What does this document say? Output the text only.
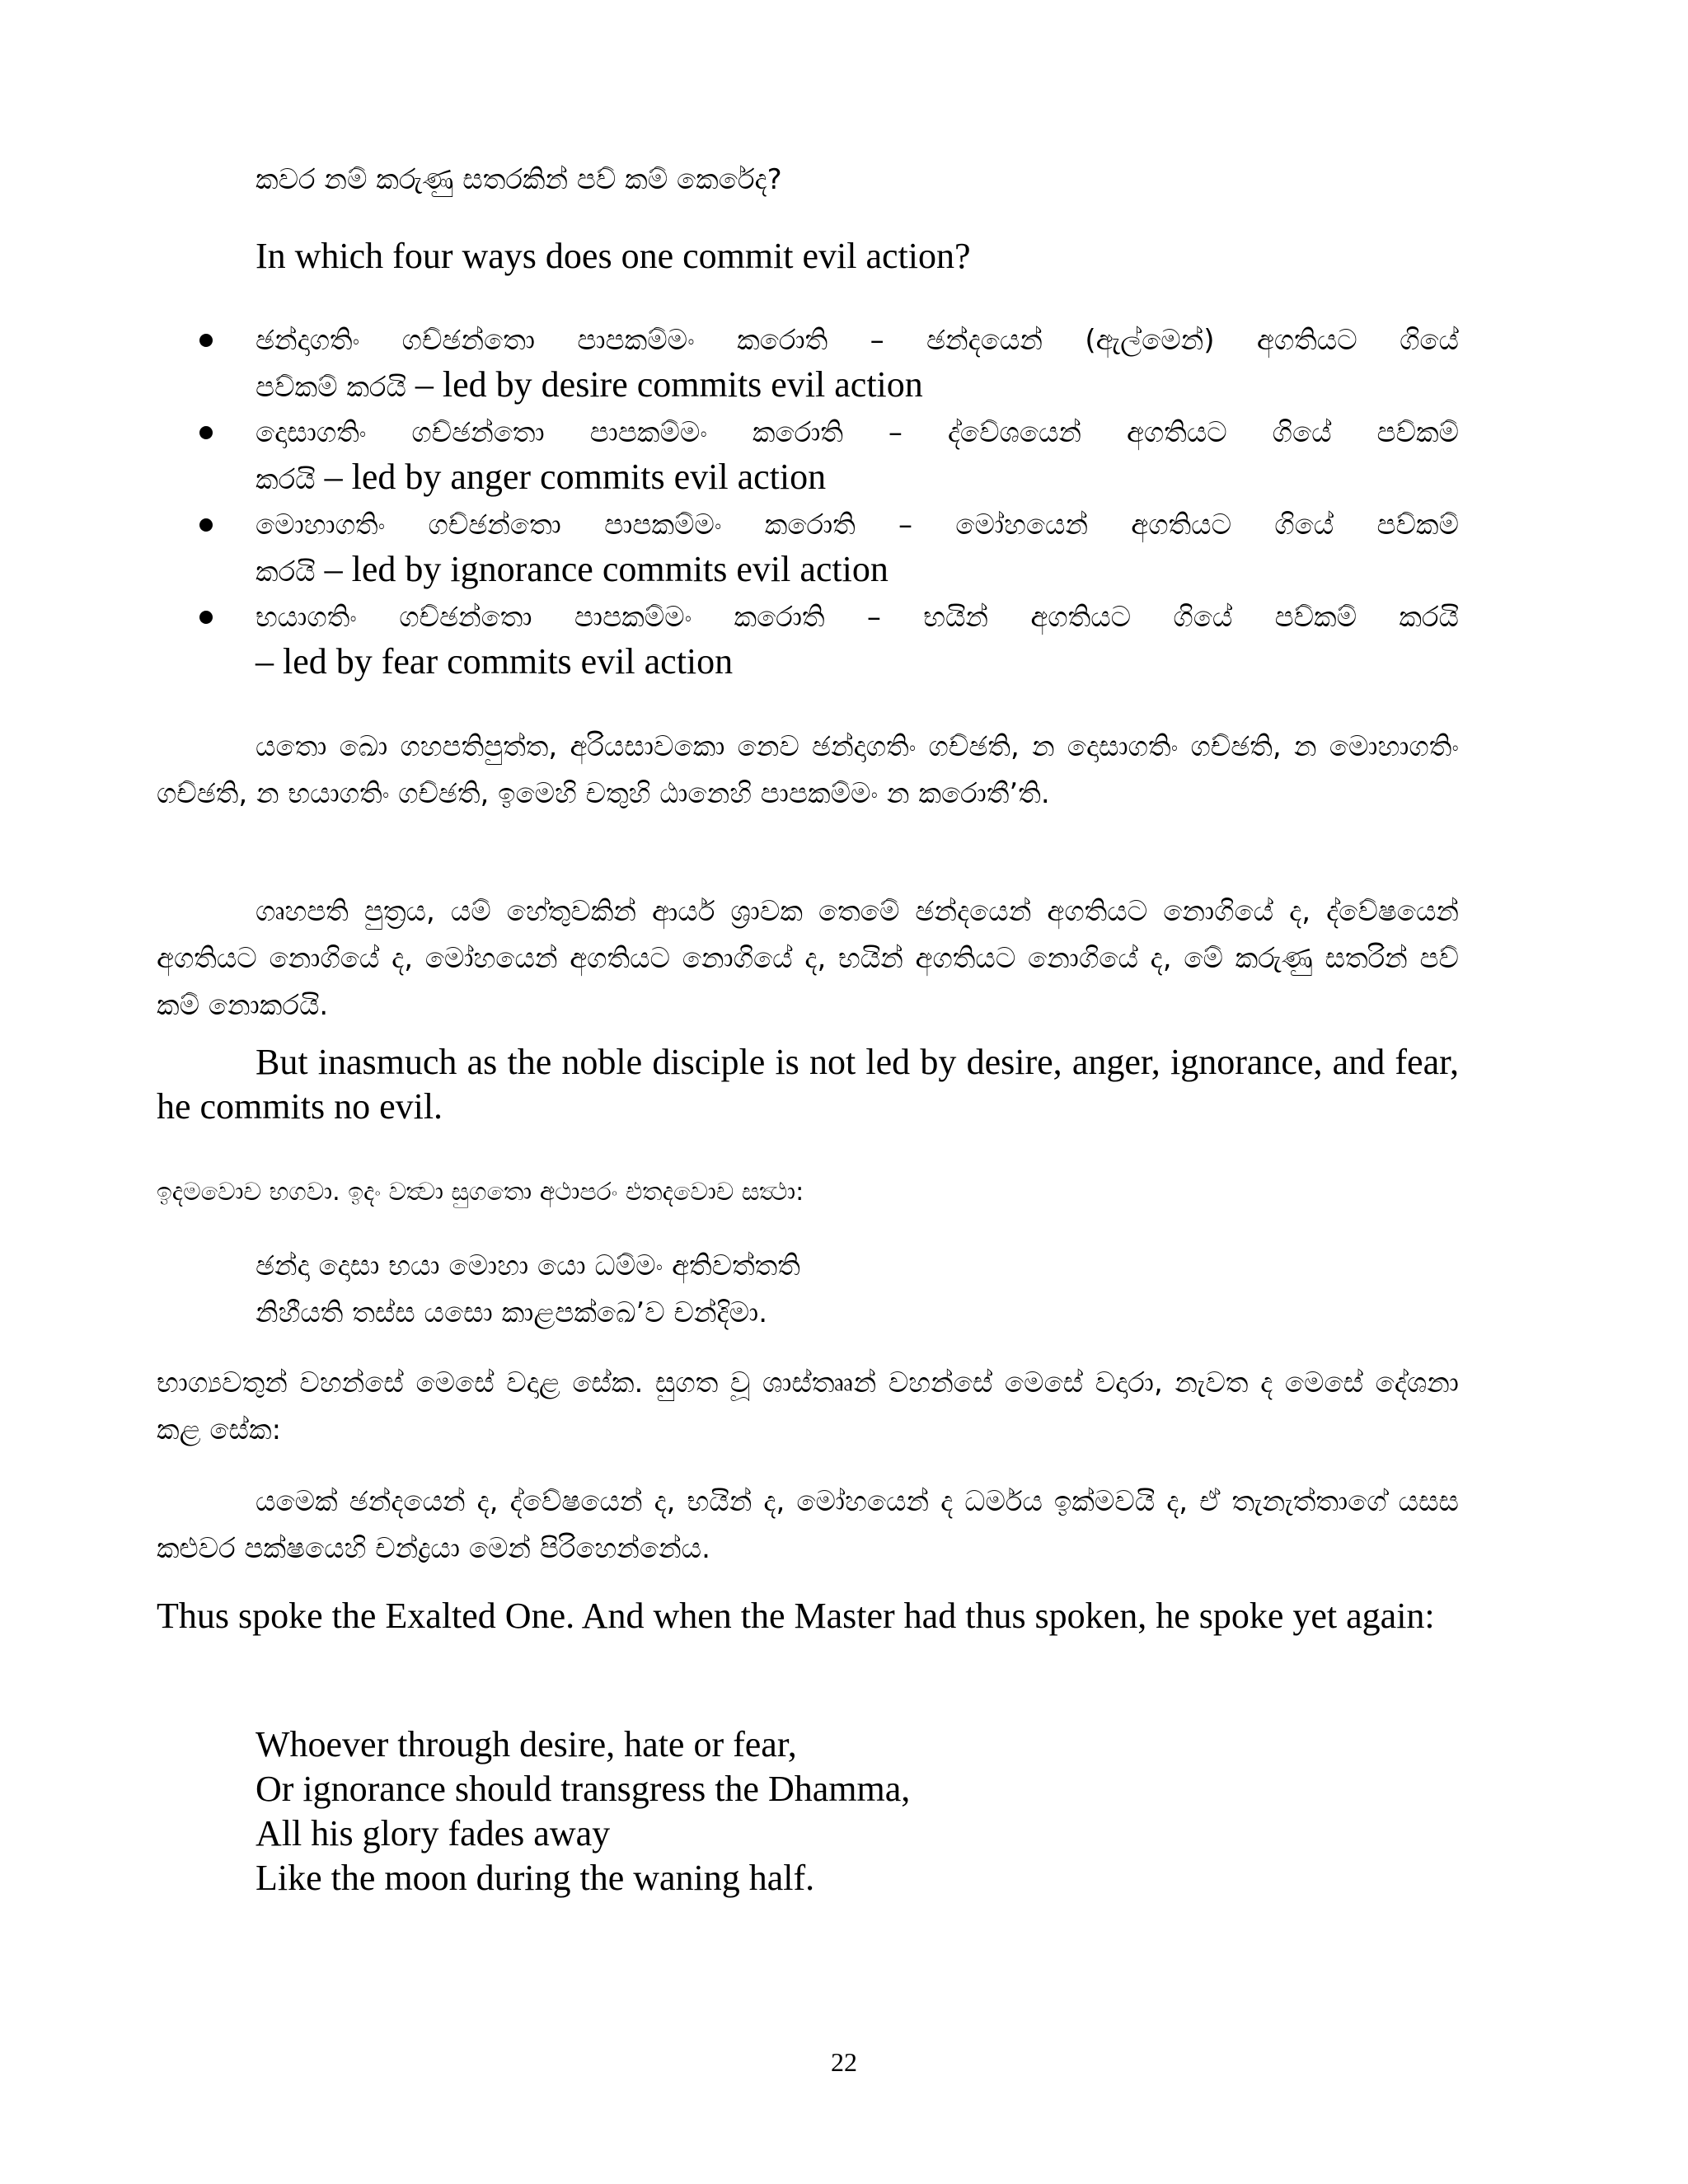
කවර නම් කරුණු සතරකින් පව් කම් කෙරේද?

In which four ways does one commit evil action?

ඡන්දාගතිං ගච්ඡන්තො පාපකම්මං කරොති – ඡන්දයෙන් (ඇල්මෙන්) අගතියට ගියේ
පව්කම් කරයි – led by desire commits evil action
දොසාගතිං ගච්ඡන්තො පාපකම්මං කරොති – ද්වේශයෙන් අගතියට ගියේ පව්කම්
කරයි – led by anger commits evil action
මොහාගතිං ගච්ඡන්තො පාපකම්මං කරොති – මෝහයෙන් අගතියට ගියේ පව්කම්
කරයි – led by ignorance commits evil action
භයාගතිං ගච්ඡන්තො පාපකම්මං කරොති – භයින් අගතියට ගියේ පව්කම් කරයි
– led by fear commits evil action

යතො ඛො ගහපතිපුත්ත, අරියසාවකො නෙව ඡන්දාගතිං ගච්ඡති, න දොසාගතිං ගච්ඡති, න මොහාගතිං ගච්ඡති, න භයාගතිං ගච්ඡති, ඉමෙහි චතුහි ඨානෙහි පාපකම්මං න කරොතී’ති.

ගෘහපති පුත්‍රය, යම් හේතුවකින් ආර්ය ශ්‍රාවක තෙමේ ඡන්දයෙන් අගතියට නොගියේ ද, ද්වේෂයෙන් අගතියට නොගියේ ද, මෝහයෙන් අගතියට නොගියේ ද, භයින් අගතියට නොගියේ ද, මේ කරුණු සතරින් පව් කම් නොකරයි.

But inasmuch as the noble disciple is not led by desire, anger, ignorance, and fear, he commits no evil.

ඉදමවොච භගවා. ඉදං වත්‍වා සුගතො අථාපරං එතදවොච සත්‍ථා:

ඡන්දා දොසා භයා මොහා යො ධම්මං අතිවත්තති
නිහීයති තස්ස යසො කාළපක්ඛෙ’ව චන්දිමා.

භාග්‍යවතුන් වහන්සේ මෙසේ වදාළ සේක. සුගත වූ ශාස්තෲන් වහන්සේ මෙසේ වදාරා, නැවත ද මෙසේ දේශනා කළ සේක:

යමෙක් ඡන්දයෙන් ද, ද්වේෂයෙන් ද, භයින් ද, මෝහයෙන් ද ධර්මය ඉක්මවයි ද, ඒ තැනැත්තාගේ යසස කළුවර පක්ෂයෙහි චන්ද්‍රයා මෙන් පිරිහෙන්නේය.

Thus spoke the Exalted One. And when the Master had thus spoken, he spoke yet again:

Whoever through desire, hate or fear,
Or ignorance should transgress the Dhamma,
All his glory fades away
Like the moon during the waning half.
22
